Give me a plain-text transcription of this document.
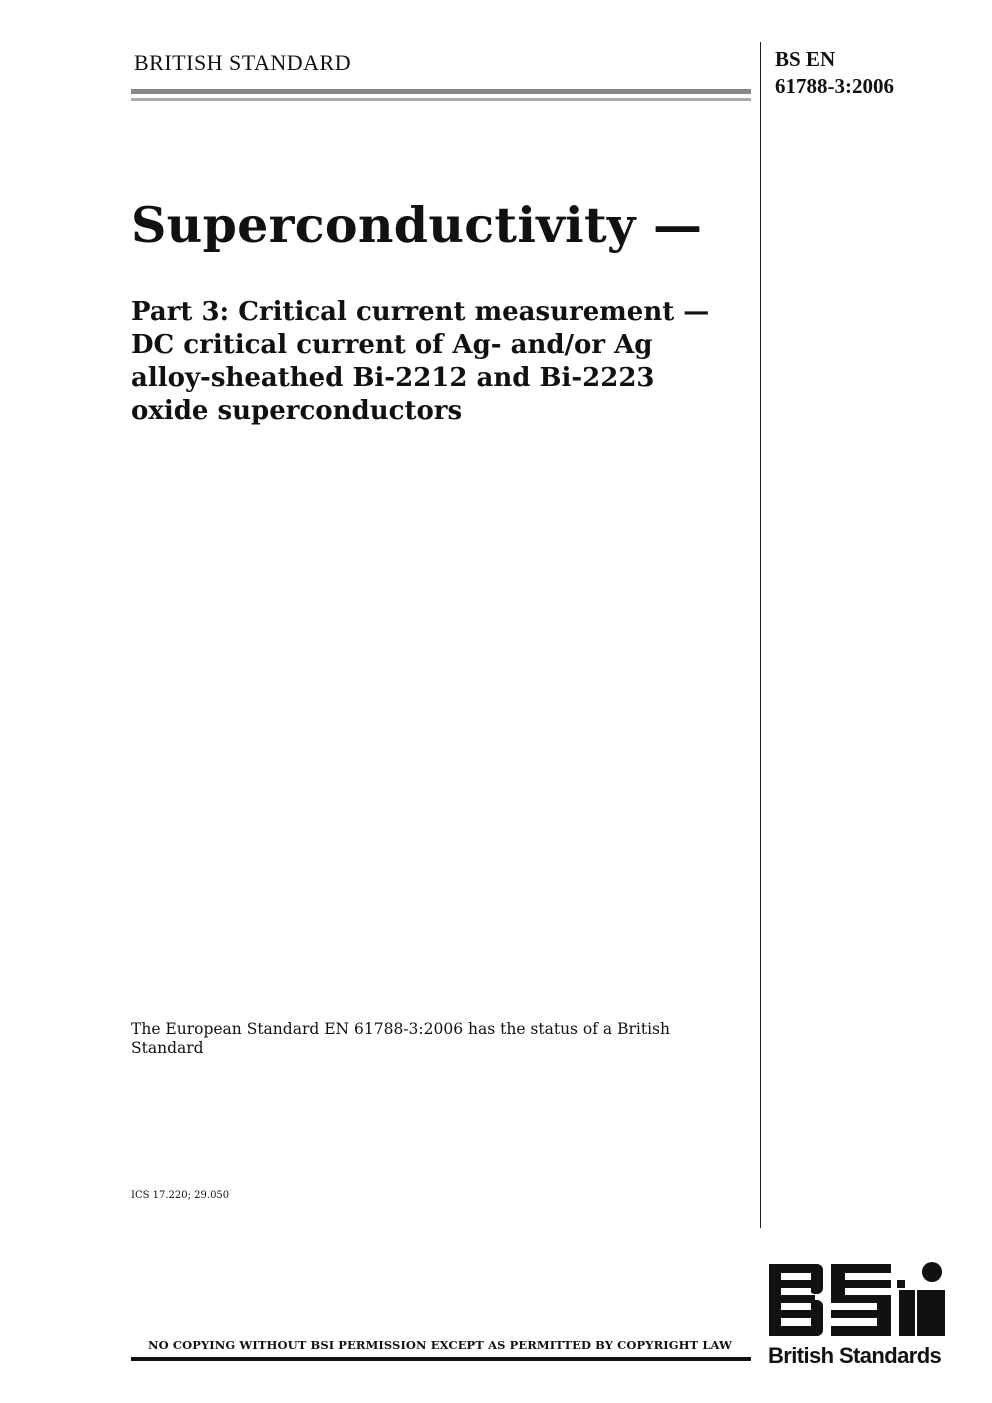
BRITISH STANDARD	BS EN
61788-3:2006
Superconductivity —
Part 3: Critical current measurement —
DC critical current of Ag- and/or Ag
alloy-sheathed Bi-2212 and Bi-2223
oxide superconductors
The European Standard EN 61788-3:2006 has the status of a British Standard
ICS 17.220; 29.050
NO COPYING WITHOUT BSI PERMISSION EXCEPT AS PERMITTED BY COPYRIGHT LAW British Standards
